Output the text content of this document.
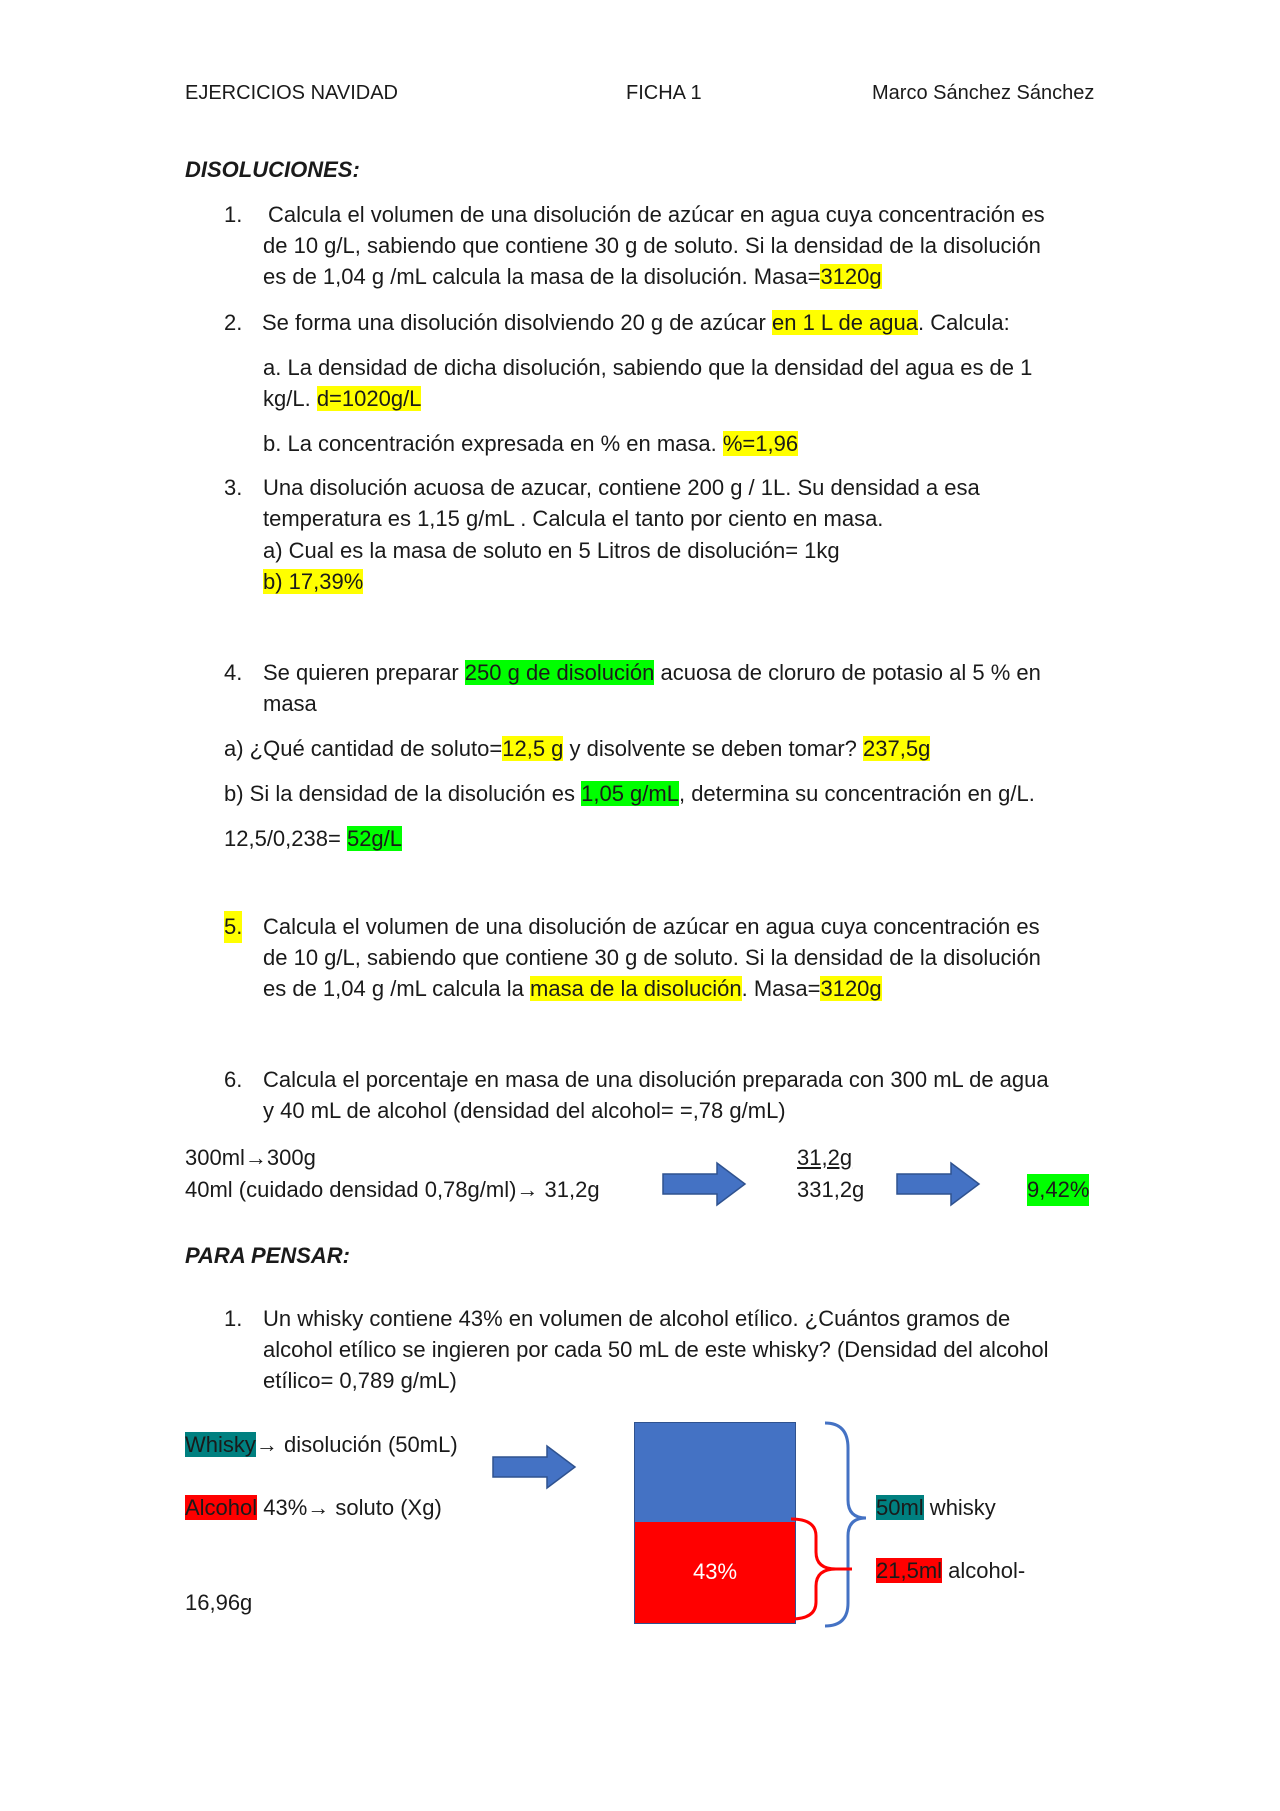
EJERCICIOS NAVIDAD	FICHA 1	Marco Sánchez Sánchez
DISOLUCIONES:
1. Calcula el volumen de una disolución de azúcar en agua cuya concentración es
de 10 g/L, sabiendo que contiene 30 g de soluto. Si la densidad de la disolución
es de 1,04 g /mL calcula la masa de la disolución. Masa=3120g
2. Se forma una disolución disolviendo 20 g de azúcar en 1 L de agua. Calcula:
a. La densidad de dicha disolución, sabiendo que la densidad del agua es de 1
kg/L. d=1020g/L
b. La concentración expresada en % en masa. %=1,96
3. Una disolución acuosa de azucar, contiene 200 g / 1L. Su densidad a esa
temperatura es 1,15 g/mL . Calcula el tanto por ciento en masa.
a) Cual es la masa de soluto en 5 Litros de disolución= 1kg
b) 17,39%
4. Se quieren preparar 250 g de disolución acuosa de cloruro de potasio al 5 % en
masa
a) ¿Qué cantidad de soluto=12,5 g y disolvente se deben tomar? 237,5g
b) Si la densidad de la disolución es 1,05 g/mL, determina su concentración en g/L.
12,5/0,238= 52g/L
5. Calcula el volumen de una disolución de azúcar en agua cuya concentración es
de 10 g/L, sabiendo que contiene 30 g de soluto. Si la densidad de la disolución
es de 1,04 g /mL calcula la masa de la disolución. Masa=3120g
6. Calcula el porcentaje en masa de una disolución preparada con 300 mL de agua
y 40 mL de alcohol (densidad del alcohol= =,78 g/mL)
300ml→300g
40ml (cuidado densidad 0,78g/ml)→ 31,2g
31,2g
331,2g	9,42%
PARA PENSAR:
1. Un whisky contiene 43% en volumen de alcohol etílico. ¿Cuántos gramos de
alcohol etílico se ingieren por cada 50 mL de este whisky? (Densidad del alcohol
etílico= 0,789 g/mL)
Whisky→ disolución (50mL)
Alcohol 43%→ soluto (Xg)
16,96g
43%
50ml whisky
21,5ml alcohol-
